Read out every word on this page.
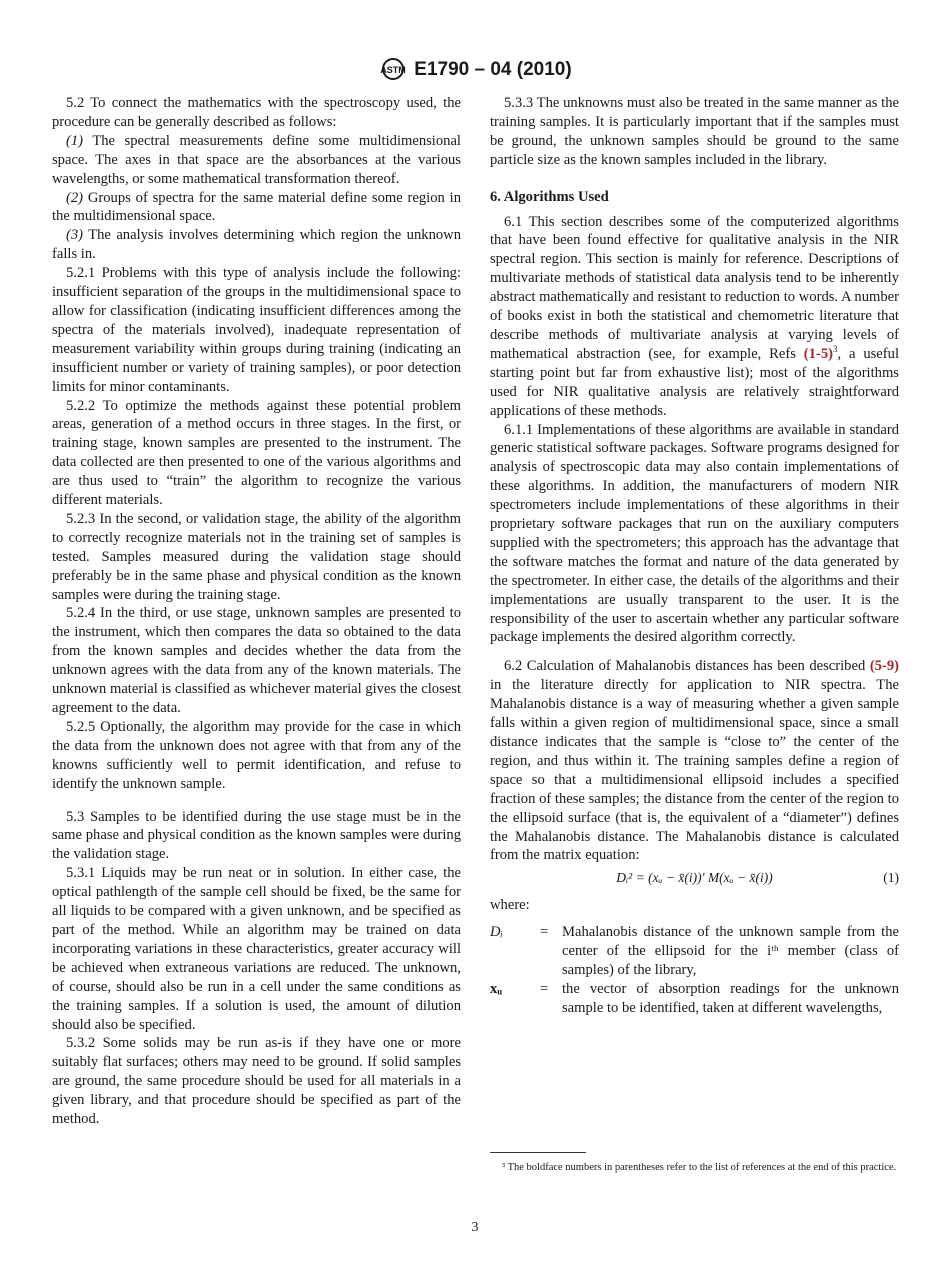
ASTM E1790 – 04 (2010)

5.2 To connect the mathematics with the spectroscopy used, the procedure can be generally described as follows:

(1) The spectral measurements define some multidimensional space. The axes in that space are the absorbances at the various wavelengths, or some mathematical transformation thereof.

(2) Groups of spectra for the same material define some region in the multidimensional space.

(3) The analysis involves determining which region the unknown falls in.

5.2.1 Problems with this type of analysis include the following: insufficient separation of the groups in the multidimensional space to allow for classification (indicating insufficient differences among the spectra of the materials involved), inadequate representation of measurement variability within groups during training (indicating an insufficient number or variety of training samples), or poor detection limits for minor contaminants.

5.2.2 To optimize the methods against these potential problem areas, generation of a method occurs in three stages. In the first, or training stage, known samples are presented to the instrument. The data collected are then presented to one of the various algorithms and are thus used to “train” the algorithm to recognize the various different materials.

5.2.3 In the second, or validation stage, the ability of the algorithm to correctly recognize materials not in the training set of samples is tested. Samples measured during the validation stage should preferably be in the same phase and physical condition as the known samples were during the training stage.

5.2.4 In the third, or use stage, unknown samples are presented to the instrument, which then compares the data so obtained to the data from the known samples and decides whether the data from the unknown agrees with the data from any of the known materials. The unknown material is classified as whichever material gives the closest agreement to the data.

5.2.5 Optionally, the algorithm may provide for the case in which the data from the unknown does not agree with that from any of the knowns sufficiently well to permit identification, and refuse to identify the unknown sample.

5.3 Samples to be identified during the use stage must be in the same phase and physical condition as the known samples were during the validation stage.

5.3.1 Liquids may be run neat or in solution. In either case, the optical pathlength of the sample cell should be fixed, be the same for all liquids to be compared with a given unknown, and be specified as part of the method. While an algorithm may be trained on data incorporating variations in these characteristics, greater accuracy will be achieved when extraneous variations are reduced. The unknown, of course, should also be run in a cell under the same conditions as the training samples. If a solution is used, the amount of dilution should also be specified.

5.3.2 Some solids may be run as-is if they have one or more suitably flat surfaces; others may need to be ground. If solid samples are ground, the same procedure should be used for all materials in a given library, and that procedure should be specified as part of the method.

5.3.3 The unknowns must also be treated in the same manner as the training samples. It is particularly important that if the samples must be ground, the unknown samples should be ground to the same particle size as the known samples included in the library.

6. Algorithms Used

6.1 This section describes some of the computerized algorithms that have been found effective for qualitative analysis in the NIR spectral region. This section is mainly for reference. Descriptions of multivariate methods of statistical data analysis tend to be inherently abstract mathematically and resistant to reduction to words. A number of books exist in both the statistical and chemometric literature that describe methods of multivariate analysis at varying levels of mathematical abstraction (see, for example, Refs $(1-5)^3$, a useful starting point but far from exhaustive list); most of the algorithms used for NIR qualitative analysis are relatively straightforward applications of these methods.

6.1.1 Implementations of these algorithms are available in standard generic statistical software packages. Software programs designed for analysis of spectroscopic data may also contain implementations of these algorithms. In addition, the manufacturers of modern NIR spectrometers include implementations of these algorithms in their proprietary software packages that run on the auxiliary computers supplied with the spectrometers; this approach has the advantage that the software matches the format and nature of the data generated by the spectrometer. In either case, the details of the algorithms and their implementations are usually transparent to the user. It is the responsibility of the user to ascertain whether any particular software package implements the desired algorithm correctly.

6.2 Calculation of Mahalanobis distances has been described (5-9) in the literature directly for application to NIR spectra. The Mahalanobis distance is a way of measuring whether a given sample falls within a given region of multidimensional space, since a small distance indicates that the sample is “close to” the center of the region, and thus within it. The training samples define a region of space so that a multidimensional ellipsoid includes a specified fraction of these samples; the distance from the center of the region to the ellipsoid surface (that is, the equivalent of a “diameter”) defines the Mahalanobis distance. The Mahalanobis distance is calculated from the matrix equation:

Dᵢ² = (xᵤ − x̄(i))′ M(xᵤ − x̄(i))	(1)
where:
Dᵢ	= Mahalanobis distance of the unknown sample from the center of the ellipsoid for the iᵗʰ member (class of samples) of the library,
xᵤ	= the vector of absorption readings for the unknown sample to be identified, taken at different wavelengths,
³ The boldface numbers in parentheses refer to the list of references at the end of this practice.
3
